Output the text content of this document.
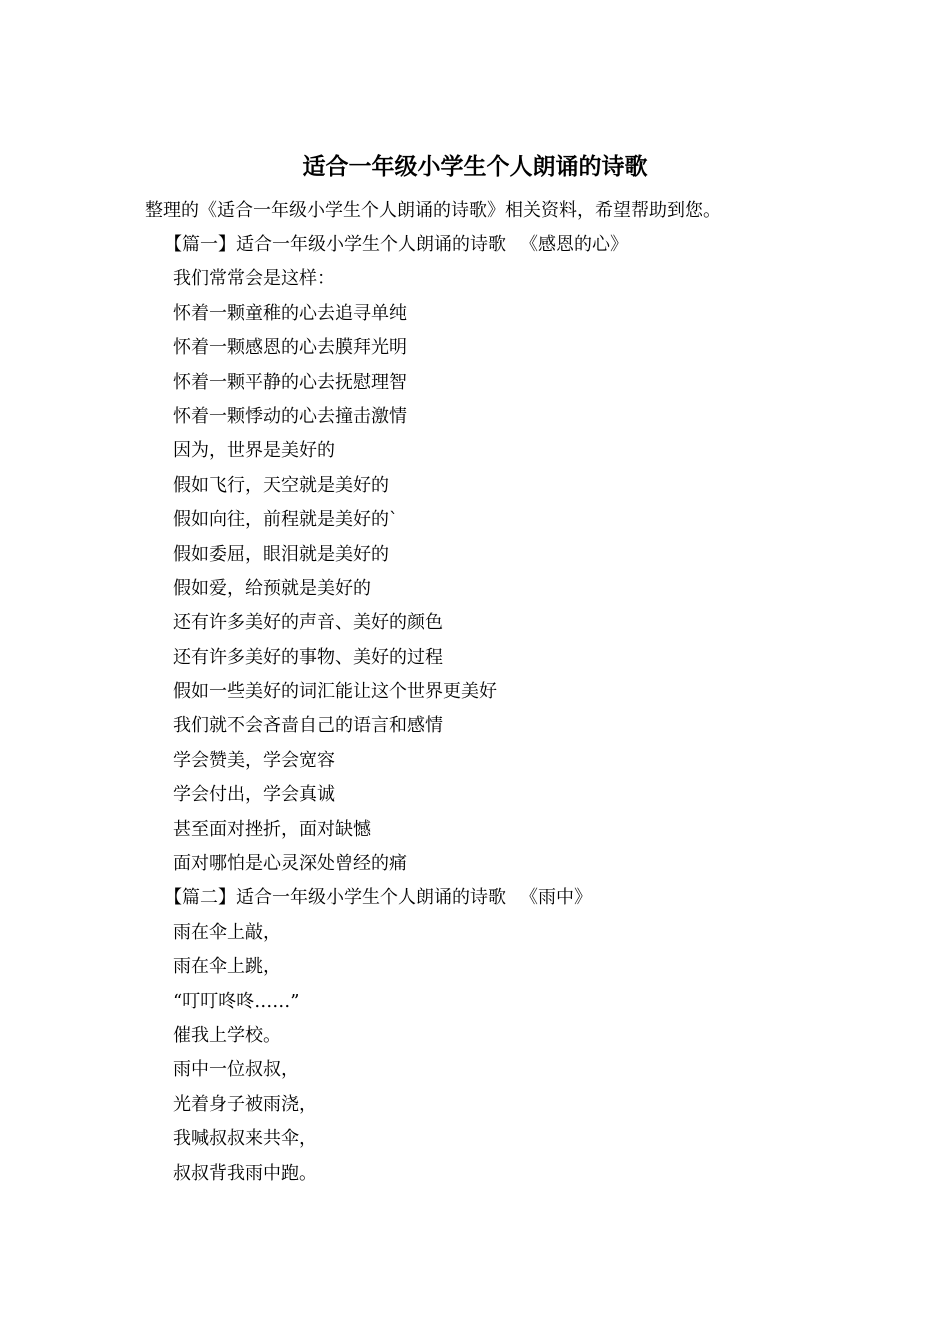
适合一年级小学生个人朗诵的诗歌
整理的《适合一年级小学生个人朗诵的诗歌》相关资料，希望帮助到您。
【篇一】适合一年级小学生个人朗诵的诗歌 《感恩的心》
我们常常会是这样：
怀着一颗童稚的心去追寻单纯
怀着一颗感恩的心去膜拜光明
怀着一颗平静的心去抚慰理智
怀着一颗悸动的心去撞击激情
因为，世界是美好的
假如飞行，天空就是美好的
假如向往，前程就是美好的`
假如委屈，眼泪就是美好的
假如爱，给预就是美好的
还有许多美好的声音、美好的颜色
还有许多美好的事物、美好的过程
假如一些美好的词汇能让这个世界更美好
我们就不会吝啬自己的语言和感情
学会赞美，学会宽容
学会付出，学会真诚
甚至面对挫折，面对缺憾
面对哪怕是心灵深处曾经的痛
【篇二】适合一年级小学生个人朗诵的诗歌 《雨中》
雨在伞上敲，
雨在伞上跳，
“叮叮咚咚……”
催我上学校。
雨中一位叔叔，
光着身子被雨浇，
我喊叔叔来共伞，
叔叔背我雨中跑。
